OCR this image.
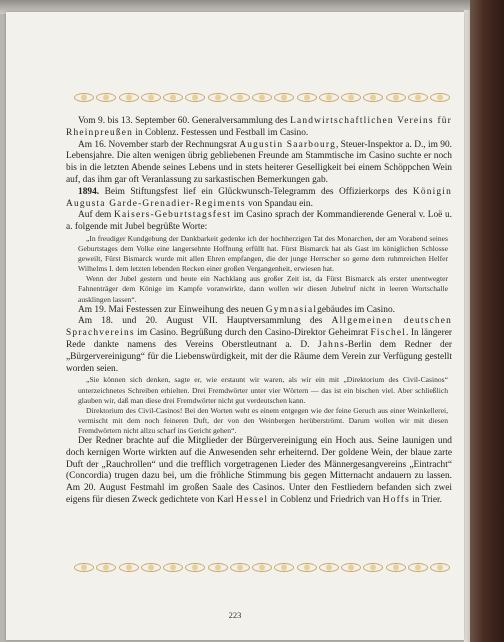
Vom 9. bis 13. September 60. Generalversammlung des Landwirtschaftlichen Vereins für Rheinpreußen in Coblenz. Festessen und Festball im Casino.

Am 16. November starb der Rechnungsrat Augustin Saarbourg, Steuer-Inspektor a. D., im 90. Lebensjahre. Die alten wenigen übrig gebliebenen Freunde am Stammtische im Casino suchte er noch bis in die letzten Abende seines Lebens und in stets heiterer Geselligkeit bei einem Schöppchen Wein auf, das ihm gar oft Veranlassung zu sarkastischen Bemerkungen gab.

1894. Beim Stiftungsfest lief ein Glückwunsch-Telegramm des Offizierkorps des Königin Augusta Garde-Grenadier-Regiments von Spandau ein.

Auf dem Kaisers-Geburtstagsfest im Casino sprach der Kommandierende General v. Loë u. a. folgende mit Jubel begrüßte Worte:

„In freudiger Kundgebung der Dankbarkeit gedenke ich der hochherzigen Tat des Monarchen, der am Vorabend seines Geburtstages dem Volke eine langersehnte Hoffnung erfüllt hat. Fürst Bismarck hat als Gast im königlichen Schlosse geweilt, Fürst Bismarck wurde mit allen Ehren empfangen, die der junge Herrscher so gerne dem ruhmreichen Helfer Wilhelms I. dem letzten lebenden Recken einer großen Vergangenheit, erwiesen hat.

Wenn der Jubel gestern und heute ein Nachklang aus großer Zeit ist, da Fürst Bismarck als erster unentwegter Fahnenträger dem Könige im Kampfe voranwirkte, dann wollen wir diesen Jubelruf nicht in leeren Wortschalle ausklingen lassen“.

Am 19. Mai Festessen zur Einweihung des neuen Gymnasialgebäudes im Casino.

Am 18. und 20. August VII. Hauptversammlung des Allgemeinen deutschen Sprachvereins im Casino. Begrüßung durch den Casino-Direktor Geheimrat Fischel. In längerer Rede dankte namens des Vereins Oberstleutnant a. D. Jahns-Berlin dem Redner der „Bürgervereinigung“ für die Liebenswürdigkeit, mit der die Räume dem Verein zur Verfügung gestellt worden seien.

„Sie können sich denken, sagte er, wie erstaunt wir waren, als wir ein mit „Direktorium des Civil-Casinos“ unterzeichnetes Schreiben erhielten. Drei Fremdwörter unter vier Wörtern — das ist ein bischen viel. Aber schließlich glauben wir, daß man diese drei Fremdwörter nicht gut verdeutschen kann.

Direktorium des Civil-Casinos! Bei den Worten weht es einem entgegen wie der feine Geruch aus einer Weinkellerei, vermischt mit dem noch feineren Duft, der von den Weinbergen herüberströmt. Darum wollen wir mit diesen Fremdwörtern nicht allzu scharf ins Gericht gehen“.

Der Redner brachte auf die Mitglieder der Bürgervereinigung ein Hoch aus. Seine launigen und doch kernigen Worte wirkten auf die Anwesenden sehr erheiternd. Der goldene Wein, der blaue zarte Duft der „Rauchrollen“ und die trefflich vorgetragenen Lieder des Männergesangvereins „Eintracht“ (Concordia) trugen dazu bei, um die fröhliche Stimmung bis gegen Mitternacht andauern zu lassen. Am 20. August Festmahl im großen Saale des Casinos. Unter den Festliedern befanden sich zwei eigens für diesen Zweck gedichtete von Karl Hessel in Coblenz und Friedrich van Hoffs in Trier.

223
